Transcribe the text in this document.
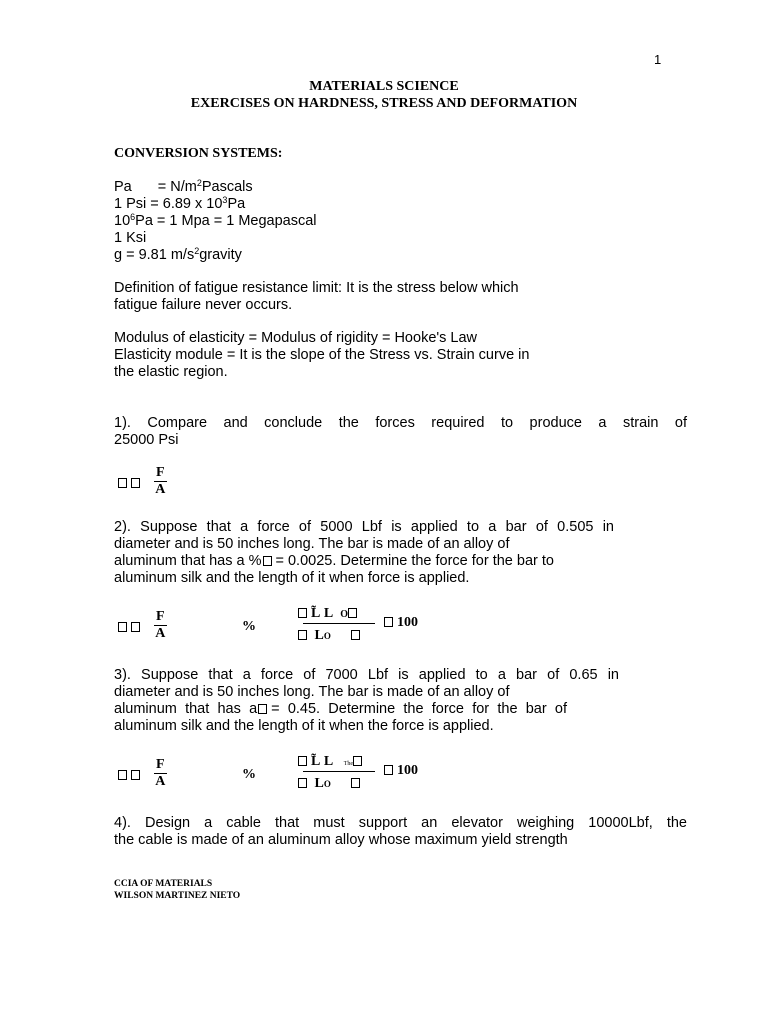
1
MATERIALS SCIENCE
EXERCISES ON HARDNESS, STRESS AND DEFORMATION
CONVERSION SYSTEMS:
$Pa = N/m^2Pascals$
1 Psi = 6.89 x $10^3Pa$
$10^6Pa = 1$ Mpa = 1 Megapascal
1 Ksi
g = 9.81 $m/s^2gravity$
Definition of fatigue resistance limit: It is the stress below which
fatigue failure never occurs.
Modulus of elasticity = Modulus of rigidity = Hooke's Law
Elasticity module = It is the slope of the Stress vs. Strain curve in
the elastic region.
1). Compare and conclude the forces required to produce a strain of
25000 Psi
$\frac{F}{A}$
2). Suppose that a force of 5000 Lbf is applied to a bar of 0.505 in
diameter and is 50 inches long. The bar is made of an alloy of
aluminum that has a % = 0.0025. Determine the force for the bar to
aluminum silk and the length of it when force is applied.
$\frac{F}{A}$	%
L̃ L O
LO
100
3). Suppose that a force of 7000 Lbf is applied to a bar of 0.65 in
diameter and is 50 inches long. The bar is made of an alloy of
aluminum that has a = 0.45. Determine the force for the bar of
aluminum silk and the length of it when the force is applied.
$\frac{F}{A}$	%
L̃ L The
LO
100
4). Design a cable that must support an elevator weighing 10000Lbf, the
the cable is made of an aluminum alloy whose maximum yield strength
CCIA OF MATERIALS
WILSON MARTINEZ NIETO
